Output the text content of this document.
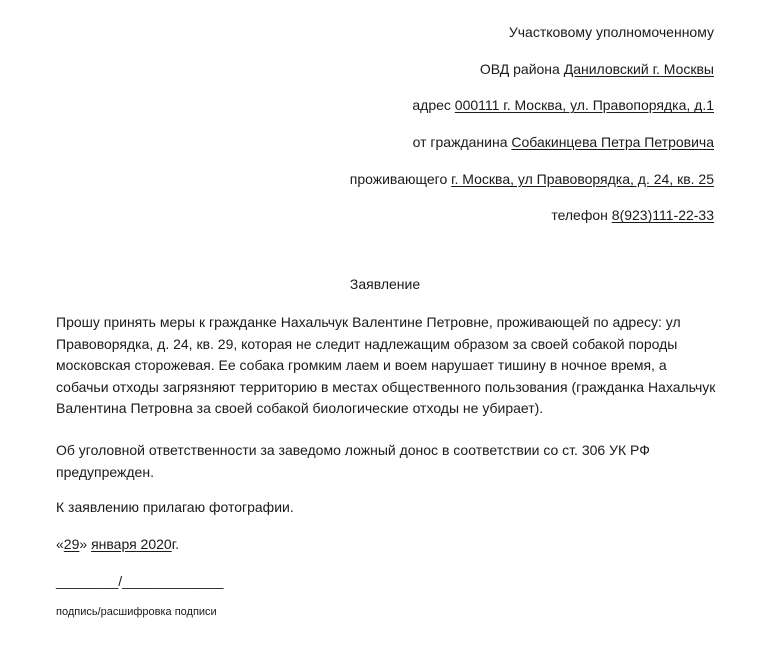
Участковому уполномоченному
ОВД района Даниловский г. Москвы
адрес 000111 г. Москва, ул. Правопорядка, д.1
от гражданина Собакинцева Петра Петровича
проживающего г. Москва, ул Правоворядка, д. 24, кв. 25
телефон 8(923)111-22-33
Заявление

Прошу принять меры к гражданке Нахальчук Валентине Петровне, проживающей по адресу: ул Правоворядка, д. 24, кв. 29, которая не следит надлежащим образом за своей собакой породы московская сторожевая. Ее собака громким лаем и воем нарушает тишину в ночное время, а собачьи отходы загрязняют территорию в местах общественного пользования (гражданка Нахальчук Валентина Петровна за своей собакой биологические отходы не убирает).

Об уголовной ответственности за заведомо ложный донос в соответствии со ст. 306 УК РФ предупрежден.

К заявлению прилагаю фотографии.

«29» января 2020г.

________/_____________
подпись/расшифровка подписи
